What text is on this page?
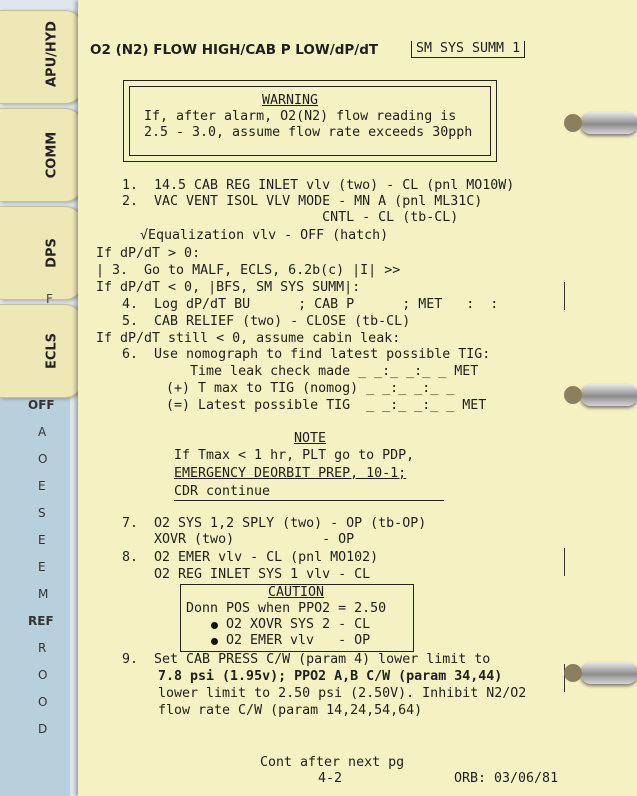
APU/HYD
COMM
DPS
ECLS
OFF
A
O
E
S
E
E
M
REF
R
O
O
D
F
O2 (N2) FLOW HIGH/CAB P LOW/dP/dT	SM SYS SUMM 1
WARNING
If, after alarm, O2(N2) flow reading is
2.5 - 3.0, assume flow rate exceeds 30pph
1.  14.5 CAB REG INLET vlv (two) - CL (pnl MO10W)
2.  VAC VENT ISOL VLV MODE - MN A (pnl ML31C)
CNTL - CL (tb-CL)
√Equalization vlv - OFF (hatch)
If dP/dT > 0:
| 3.  Go to MALF, ECLS, 6.2b(c) |I| >>
If dP/dT < 0, |BFS, SM SYS SUMM|:
4.  Log dP/dT BU      ; CAB P      ; MET   :  :
5.  CAB RELIEF (two) - CLOSE (tb-CL)
If dP/dT still < 0, assume cabin leak:
6.  Use nomograph to find latest possible TIG:
Time leak check made _ _:_ _:_ _ MET
(+) T max to TIG (nomog) _ _:_ _:_ _
(=) Latest possible TIG  _ _:_ _:_ _ MET
NOTE
If Tmax < 1 hr, PLT go to PDP,
EMERGENCY DEORBIT PREP, 10-1;
CDR continue
7.  O2 SYS 1,2 SPLY (two) - OP (tb-OP)
XOVR (two)           - OP
8.  O2 EMER vlv - CL (pnl MO102)
O2 REG INLET SYS 1 vlv - CL
CAUTION
Donn POS when PPO2 = 2.50
O2 XOVR SYS 2 - CL
O2 EMER vlv   - OP
9.  Set CAB PRESS C/W (param 4) lower limit to
7.8 psi (1.95v); PPO2 A,B C/W (param 34,44)
lower limit to 2.50 psi (2.50V). Inhibit N2/O2
flow rate C/W (param 14,24,54,64)
Cont after next pg
4-2	ORB: 03/06/81
